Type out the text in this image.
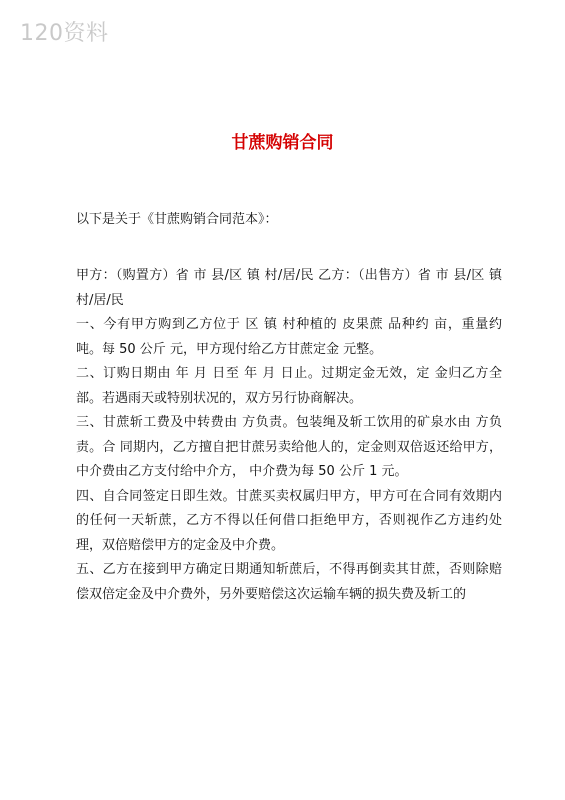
120资料
甘蔗购销合同
以下是关于《甘蔗购销合同范本》：

甲方：（购置方）省 市 县/区 镇 村/居/民 乙方：（出售方）省 市 县/区 镇 村/居/民

一、今有甲方购到乙方位于 区 镇 村种植的 皮果蔗 品种约 亩，重量约 吨。每 50 公斤 元，甲方现付给乙方甘蔗定金 元整。

二、订购日期由 年 月 日至 年 月 日止。过期定金无效，定 金归乙方全部。若遇雨天或特别状况的，双方另行协商解决。

三、甘蔗斩工费及中转费由 方负责。包装绳及斩工饮用的矿泉水由 方负责。合 同期内，乙方擅自把甘蔗另卖给他人的，定金则双倍返还给甲方，中介费由乙方支付给中介方， 中介费为每 50 公斤 1 元。

四、自合同签定日即生效。甘蔗买卖权属归甲方，甲方可在合同有效期内的任何一天斩蔗，乙方不得以任何借口拒绝甲方，否则视作乙方违约处理，双倍赔偿甲方的定金及中介费。

五、乙方在接到甲方确定日期通知斩蔗后，不得再倒卖其甘蔗，否则除赔偿双倍定金及中介费外，另外要赔偿这次运输车辆的损失费及斩工的
